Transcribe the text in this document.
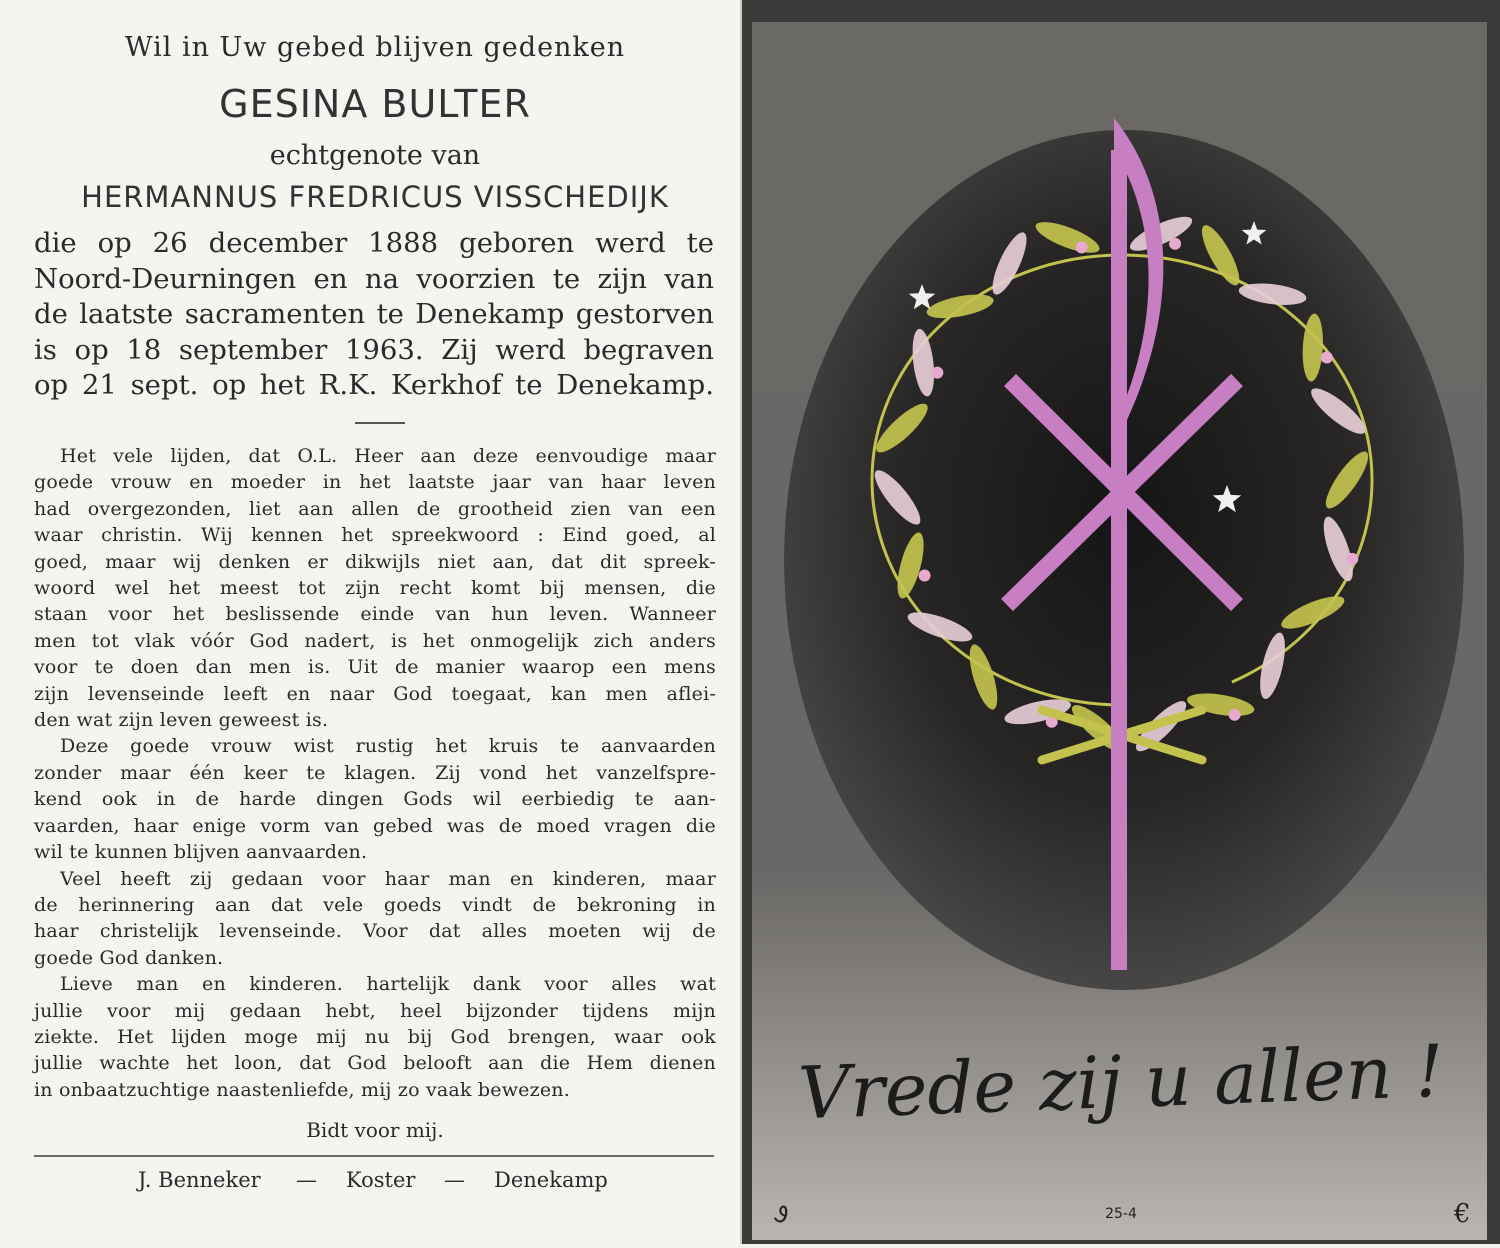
Wil in Uw gebed blijven gedenken

GESINA BULTER

echtgenote van

HERMANNUS FREDRICUS VISSCHEDIJK

die op 26 december 1888 geboren werd te
Noord-Deurningen en na voorzien te zijn van
de laatste sacramenten te Denekamp gestorven
is op 18 september 1963. Zij werd begraven
op 21 sept. op het R.K. Kerkhof te Denekamp.

Het vele lijden, dat O.L. Heer aan deze eenvoudige maar
goede vrouw en moeder in het laatste jaar van haar leven
had overgezonden, liet aan allen de grootheid zien van een
waar christin. Wij kennen het spreekwoord : Eind goed, al
goed, maar wij denken er dikwijls niet aan, dat dit spreek-
woord wel het meest tot zijn recht komt bij mensen, die
staan voor het beslissende einde van hun leven. Wanneer
men tot vlak vóór God nadert, is het onmogelijk zich anders
voor te doen dan men is. Uit de manier waarop een mens
zijn levenseinde leeft en naar God toegaat, kan men aflei-
den wat zijn leven geweest is.
Deze goede vrouw wist rustig het kruis te aanvaarden
zonder maar één keer te klagen. Zij vond het vanzelfspre-
kend ook in de harde dingen Gods wil eerbiedig te aan-
vaarden, haar enige vorm van gebed was de moed vragen die
wil te kunnen blijven aanvaarden.
Veel heeft zij gedaan voor haar man en kinderen, maar
de herinnering aan dat vele goeds vindt de bekroning in
haar christelijk levenseinde. Voor dat alles moeten wij de
goede God danken.
Lieve man en kinderen. hartelijk dank voor alles wat
jullie voor mij gedaan hebt, heel bijzonder tijdens mijn
ziekte. Het lijden moge mij nu bij God brengen, waar ook
jullie wachte het loon, dat God belooft aan die Hem dienen
in onbaatzuchtige naastenliefde, mij zo vaak bewezen.

Bidt voor mij.

J. Benneker — Koster — Denekamp
Ꮽ	€
Vrede zij u allen !
25-4
